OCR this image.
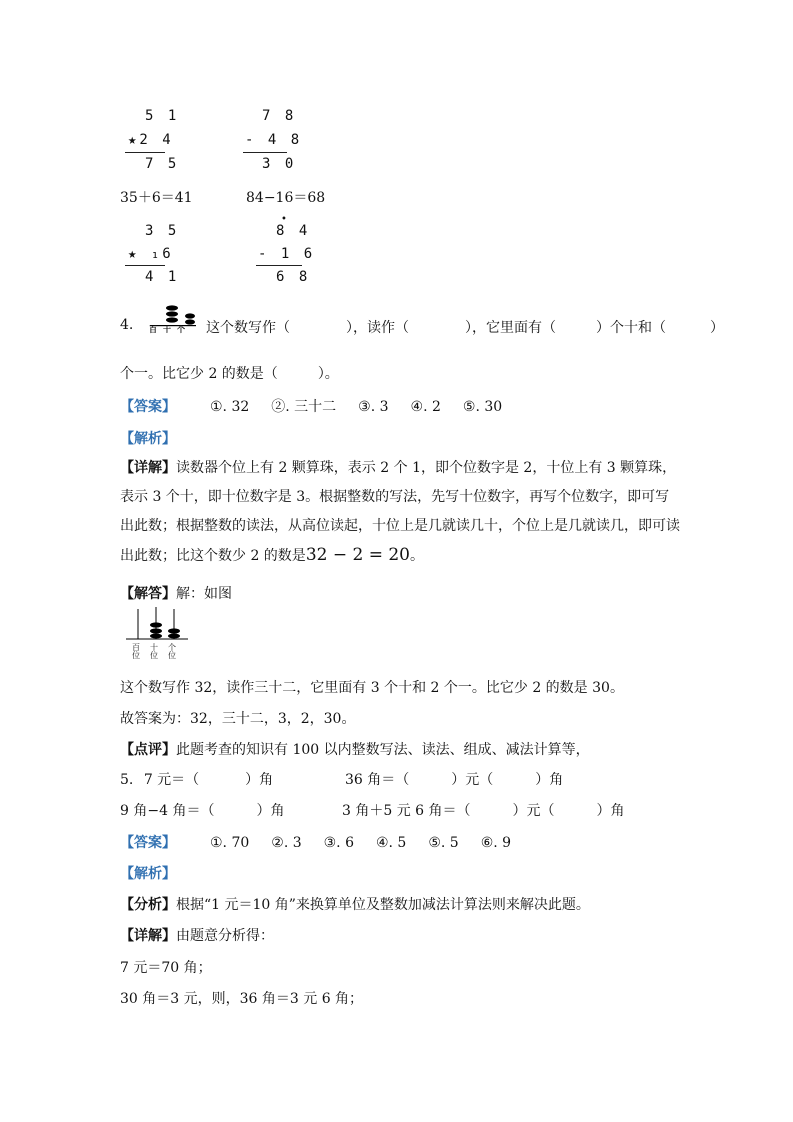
5 1
★2 4
7 5
7 8
- 4 8
3 0
35＋6＝41	84−16＝68
3 5
★ ₁6
4 1
•
8 4
- 1 6
6 8
4. 百 十 个 这个数写作（	），读作（	），它里面有（	）个十和（	）
个一。比它少 2 的数是（	）。
【答案】 ①. 32 ②. 三十二 ③. 3 ④. 2 ⑤. 30
【解析】
【详解】读数器个位上有 2 颗算珠，表示 2 个 1，即个位数字是 2，十位上有 3 颗算珠，表示 3 个十，即十位数字是 3。根据整数的写法，先写十位数字，再写个位数字，即可写出此数；根据整数的读法，从高位读起，十位上是几就读几十，个位上是几就读几，即可读出此数；比这个数少 2 的数是32 − 2 = 20。
【解答】解：如图
百位十位个位
这个数写作 32，读作三十二，它里面有 3 个十和 2 个一。比它少 2 的数是 30。
故答案为：32，三十二，3，2，30。
【点评】此题考查的知识有 100 以内整数写法、读法、组成、减法计算等，
5. 7 元＝（	）角	36 角＝（	）元（	）角
9 角−4 角＝（	）角	3 角＋5 元 6 角＝（	）元（	）角
【答案】 ①. 70 ②. 3 ③. 6 ④. 5 ⑤. 5 ⑥. 9
【解析】
【分析】根据“1 元＝10 角”来换算单位及整数加减法计算法则来解决此题。
【详解】由题意分析得：
7 元＝70 角；
30 角＝3 元，则，36 角＝3 元 6 角；
